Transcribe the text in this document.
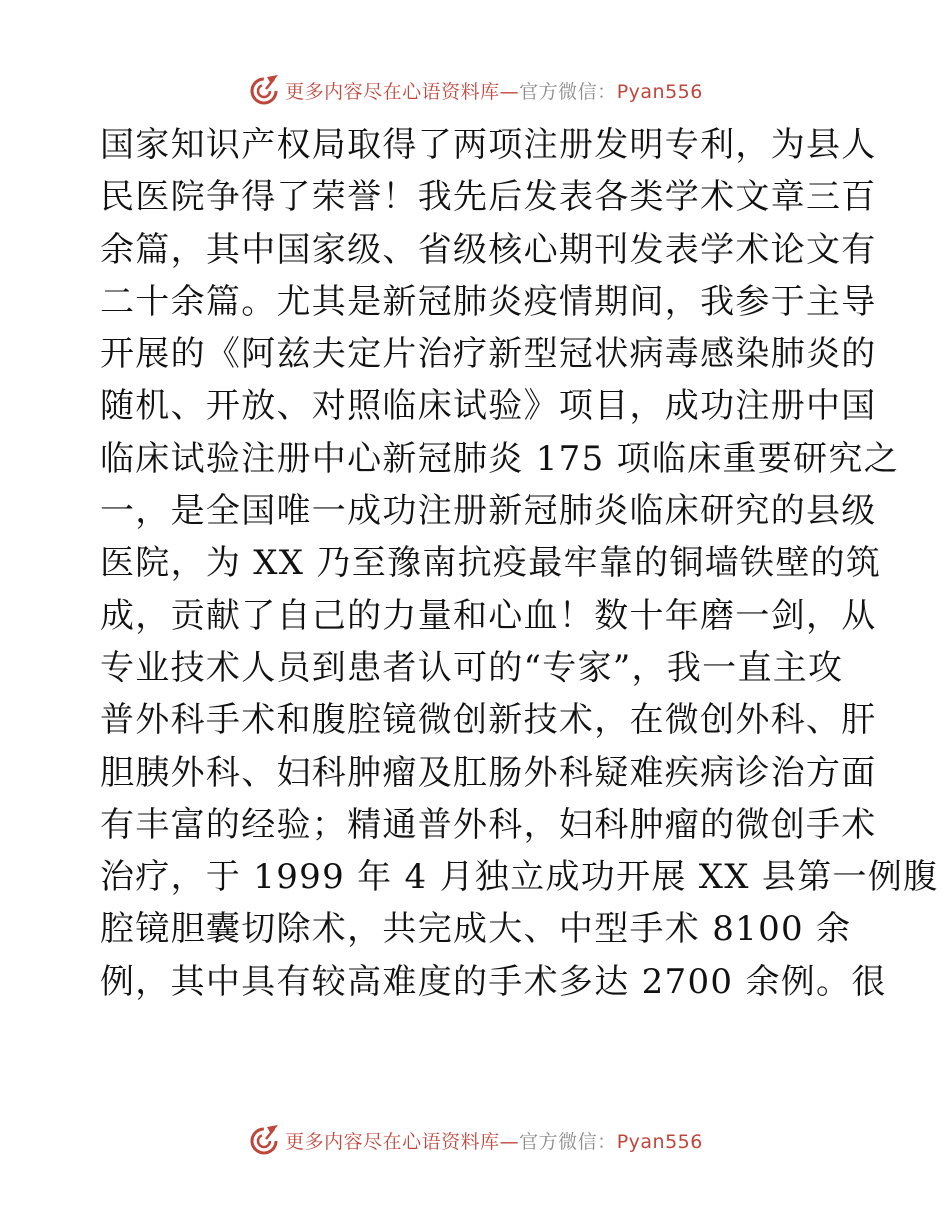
更多内容尽在心语资料库—官方微信：Pyan556
国家知识产权局取得了两项注册发明专利，为县人
民医院争得了荣誉！我先后发表各类学术文章三百
余篇，其中国家级、省级核心期刊发表学术论文有
二十余篇。尤其是新冠肺炎疫情期间，我参于主导
开展的《阿兹夫定片治疗新型冠状病毒感染肺炎的
随机、开放、对照临床试验》项目，成功注册中国
临床试验注册中心新冠肺炎 175 项临床重要研究之
一，是全国唯一成功注册新冠肺炎临床研究的县级
医院，为 XX 乃至豫南抗疫最牢靠的铜墙铁壁的筑
成，贡献了自己的力量和心血！数十年磨一剑，从
专业技术人员到患者认可的“专家”，我一直主攻
普外科手术和腹腔镜微创新技术，在微创外科、肝
胆胰外科、妇科肿瘤及肛肠外科疑难疾病诊治方面
有丰富的经验；精通普外科，妇科肿瘤的微创手术
治疗，于 1999 年 4 月独立成功开展 XX 县第一例腹
腔镜胆囊切除术，共完成大、中型手术 8100 余
例，其中具有较高难度的手术多达 2700 余例。很
更多内容尽在心语资料库—官方微信：Pyan556
